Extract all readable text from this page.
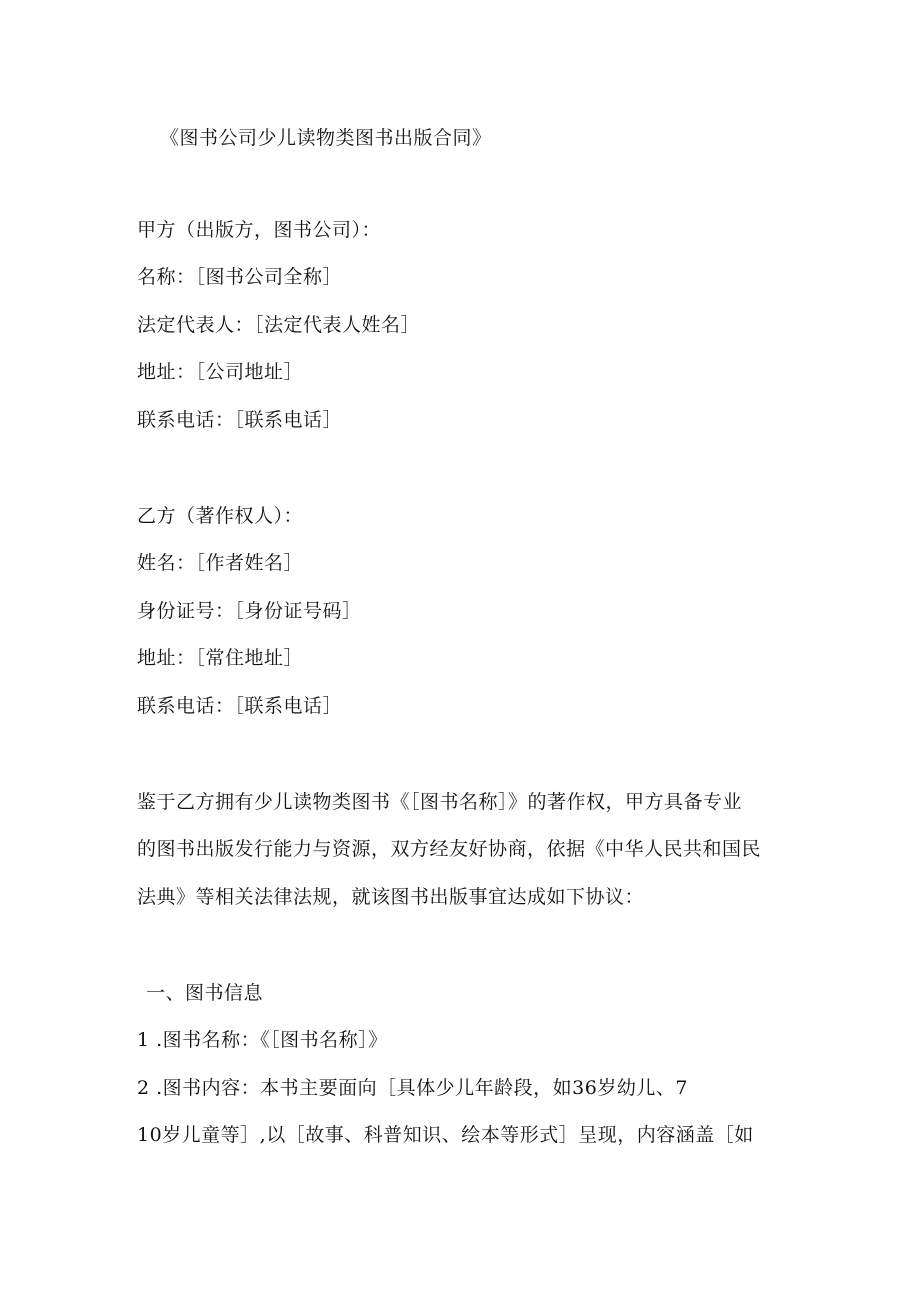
《图书公司少儿读物类图书出版合同》
甲方（出版方，图书公司）：
名称：［图书公司全称］
法定代表人：［法定代表人姓名］
地址：［公司地址］
联系电话：［联系电话］
乙方（著作权人）：
姓名：［作者姓名］
身份证号：［身份证号码］
地址：［常住地址］
联系电话：［联系电话］
鉴于乙方拥有少儿读物类图书《［图书名称］》的著作权，甲方具备专业
的图书出版发行能力与资源，双方经友好协商，依据《中华人民共和国民
法典》等相关法律法规，就该图书出版事宜达成如下协议：
一、图书信息
1 .图书名称：《［图书名称］》
2 .图书内容：本书主要面向［具体少儿年龄段，如36岁幼儿、7
10岁儿童等］,以［故事、科普知识、绘本等形式］呈现，内容涵盖［如
